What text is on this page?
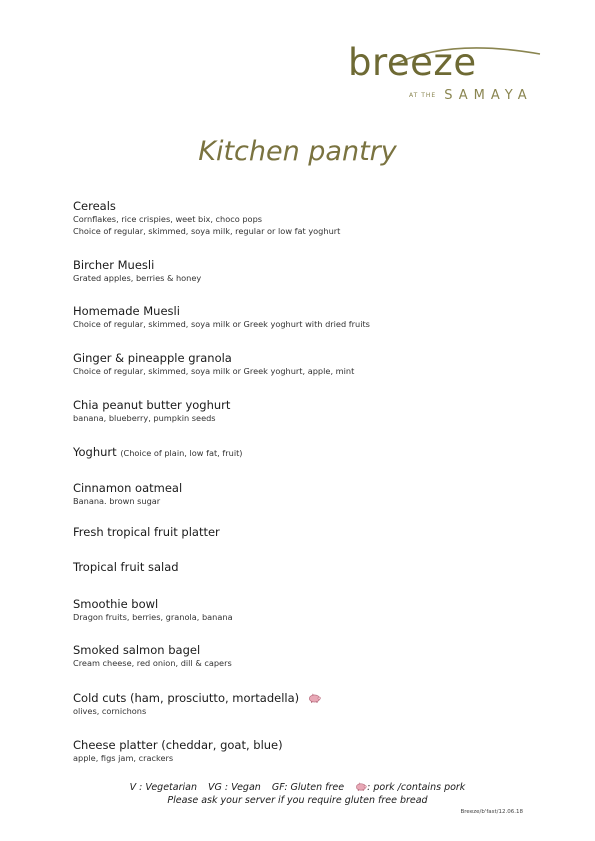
breeze
AT THE SAMAYA
Kitchen pantry
Cereals
Cornflakes, rice crispies, weet bix, choco pops
Choice of regular, skimmed, soya milk, regular or low fat yoghurt
Bircher Muesli
Grated apples, berries & honey
Homemade Muesli
Choice of regular, skimmed, soya milk or Greek yoghurt with dried fruits
Ginger & pineapple granola
Choice of regular, skimmed, soya milk or Greek yoghurt, apple, mint
Chia peanut butter yoghurt
banana, blueberry, pumpkin seeds
Yoghurt (Choice of plain, low fat, fruit)
Cinnamon oatmeal
Banana. brown sugar
Fresh tropical fruit platter
Tropical fruit salad
Smoothie bowl
Dragon fruits, berries, granola, banana
Smoked salmon bagel
Cream cheese, red onion, dill & capers
Cold cuts (ham, prosciutto, mortadella)
olives, cornichons
Cheese platter (cheddar, goat, blue)
apple, figs jam, crackers
V : Vegetarian VG : Vegan GF: Gluten free : pork /contains pork
Please ask your server if you require gluten free bread
Breeze/b'fast/12.06.18
